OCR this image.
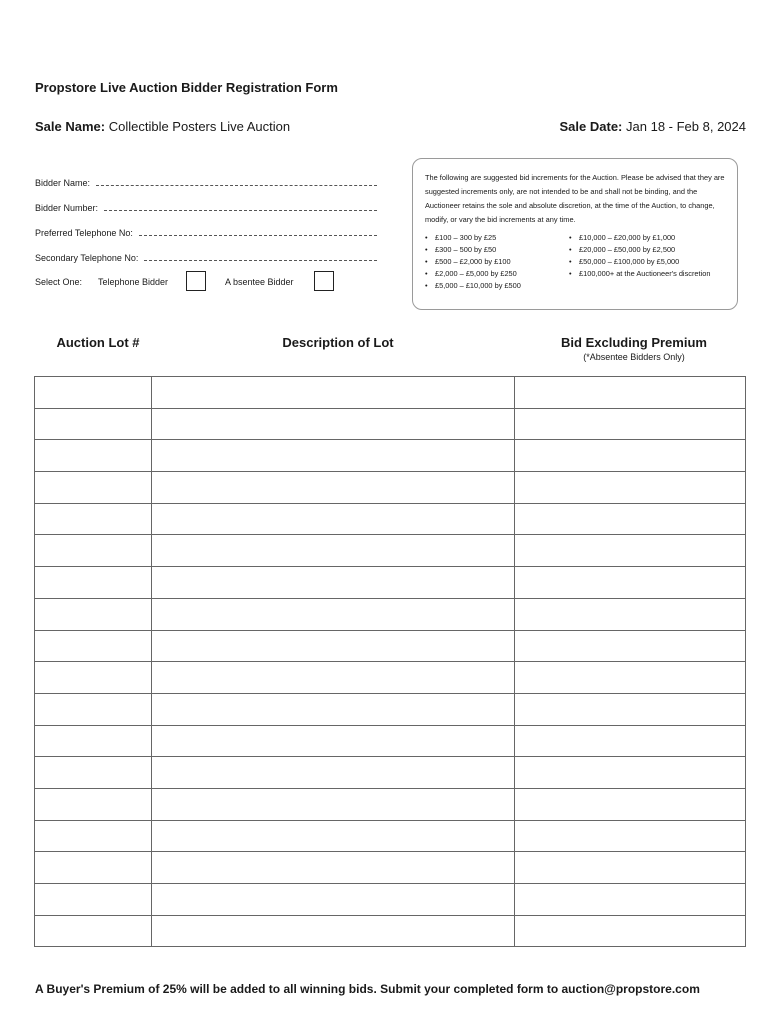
Propstore Live Auction Bidder Registration Form
Sale Name: Collectible Posters Live Auction	Sale Date: Jan 18 - Feb 8, 2024
Bidder Name:
Bidder Number:
Preferred Telephone No:
Secondary Telephone No:
Select One: Telephone Bidder	A bsentee Bidder

The following are suggested bid increments for the Auction. Please be advised that they are suggested increments only, are not intended to be and shall not be binding, and the Auctioneer retains the sole and absolute discretion, at the time of the Auction, to change, modify, or vary the bid increments at any time.

• £100 – 300 by £25
• £300 – 500 by £50
• £500 – £2,000 by £100
• £2,000 – £5,000 by £250
• £5,000 – £10,000 by £500
• £10,000 – £20,000 by £1,000
• £20,000 – £50,000 by £2,500
• £50,000 – £100,000 by £5,000
• £100,000+ at the Auctioneer's discretion
Auction Lot #	Description of Lot	Bid Excluding Premium
(*Absentee Bidders Only)

A Buyer's Premium of 25% will be added to all winning bids. Submit your completed form to auction@propstore.com
